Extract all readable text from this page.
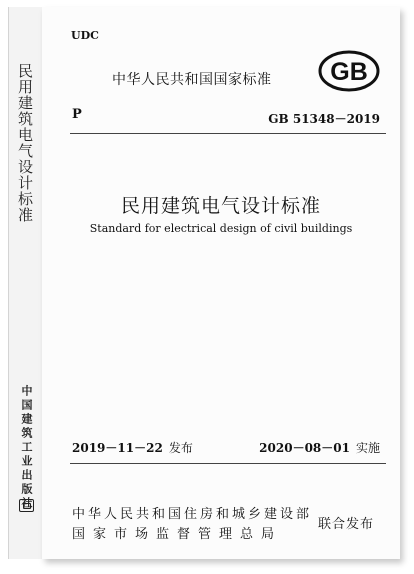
民用建筑电气设计标准
中国建筑工业出版社
UDC
中华人民共和国国家标准 GB
P	GB 51348－2019
民用建筑电气设计标准
Standard for electrical design of civil buildings
2019－11－22 发布	2020－08－01 实施
中华人民共和国住房和城乡建设部
国家市场监督管理总局
联合发布
